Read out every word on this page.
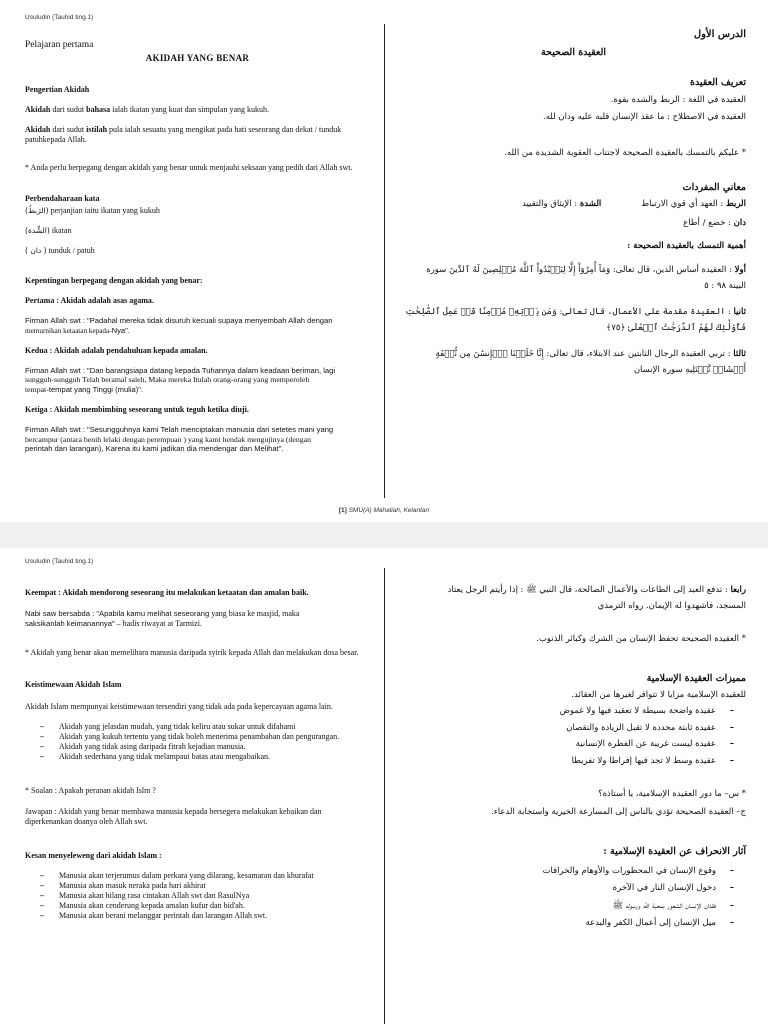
Usuludin (Tauhid ting.1)
Pelajaran pertama
AKIDAH YANG BENAR
Pengertian Akidah
Akidah dari sudut bahasa ialah ikatan yang kuat dan simpulan yang kukuh.
Akidah dari sudut istilah pula ialah sesuatu yang mengikat pada hati seseorang dan dekat / tunduk patuhkepada Allah.
* Anda perlu berpegang dengan akidah yang benar untuk menjauhi seksaan yang pedih dari Allah swt.
Perbendaharaan kata
(الرَبطُ) perjanjian iaitu ikatan yang kukuh
(الشِّدة) ikatan
( دان ) tunduk / patuh
Kepentingan berpegang dengan akidah yang benar:
Pertama : Akidah adalah asas agama.
Firman Allah swt : "Padahal mereka tidak disuruh kecuali supaya menyembah Allah dengan
memurnikan ketaatan kepada-Nya".
Kedua : Akidah adalah pendahuluan kepada amalan.
Firman Allah swt : "Dan barangsiapa datang kepada Tuhannya dalam keadaan beriman, lagi
sungguh-sungguh Telah beramal saleh, Maka mereka Itulah orang-orang yang memperoleh
tempat-tempat yang Tinggi (mulia)".
Ketiga : Akidah membimbing seseorang untuk teguh ketika diuji.
Firman Allah swt : "Sesungguhnya kami Telah menciptakan manusia dari setetes mani yang
bercampur (antara benih lelaki dengan perempuan ) yang kami hendak mengujinya (dengan
perintah dan larangan), Karena itu kami jadikan dia mendengar dan Melihat".
الدرس الأول
العقيدة الصحيحة
تعريف العقيدة
العقيدة في اللغة : الربط والشدة بقوة.
العقيدة في الاصطلاح : ما عقد الإنسان قلبه عليه ودان لله.
* عليكم بالتمسك بالعقيدة الصحيحة لاجتناب العقوبة الشديدة من الله.
معاني المفردات
الربط : العهد أي قوي الارتباطالشدة : الإيثاق والتقييد
دان : خضع / أطاع
أهمية التمسك بالعقيدة الصحيحة :
أولا : العقيدة أساس الدين، قال تعالى: وَمَآ أُمِرُوٓاْ إِلَّا لِيَعۡبُدُواْ ٱللَّهَ مُخۡلِصِينَ لَهُ ٱلدِّينَ سورة
البينة ٩٨ : ٥
ثانيا : العقيدة مقدمة على الأعمال، قال تعالى: وَمَن يَأۡتِهِۦ مُؤۡمِنٗا قَدۡ عَمِلَ ٱلصَّٰلِحَٰتِ
فَأُوْلَٰٓئِكَ لَهُمُ ٱلدَّرَجَٰتُ ٱلۡعُلَىٰ ﴿٧٥﴾
ثالثا : تربي العقيدة الرجال الثابتين عند الابتلاء، قال تعالى: إِنَّا خَلَقۡنَا ٱلۡإِنسَٰنَ مِن نُّطۡفَةٍ
أَمۡشَاجٖ نَّبۡتَلِيهِ سورة الإنسان
[1] SMU(A) Mahaliah, Kelantan
Usuludin (Tauhid ting.1)
Keempat : Akidah mendorong seseorang itu melakukan ketaatan dan amalan baik.
Nabi saw bersabda : "Apabila kamu melihat seseorang yang biasa ke masjid, maka
saksikanlah keimanannya" – hadis riwayat at Tarmizi.
* Akidah yang benar akan memelihara manusia daripada syirik kepada Allah dan melakukan dosa besar.
Keistimewaan Akidah Islam
Akidah Islam mempunyai keistimewaan tersendiri yang tidak ada pada kepercayaan agama lain.
– Akidah yang jelasdan mudah, yang tidak keliru atau sukar untuk difahami
– Akidah yang kukuh tertentu yang tidak boleh menerima penambahan dan pengurangan.
– Akidah yang tidak asing daripada fitrah kejadian manusia.
– Akidah sederhana yang tidak melampaui batas atau mengabaikan.
* Soalan : Apakah peranan akidah Islm ?
Jawapan : Akidah yang benar membawa manusia kepada bersegera melakukan kebaikan dan diperkenankan doanya oleh Allah swt.
Kesan menyeleweng dari akidah Islam :
– Manusia akan terjerumus dalam perkara yang dilarang, kesamaran dan khurafat
– Manusia akan masuk neraka pada hari akhirat
– Manusia akan hilang rasa cintakan Allah swt dan RasulNya
– Manusia akan cenderung kepada amalan kufur dan bid'ah.
– Manusia akan berani melanggar perintah dan larangan Allah swt.
رابعا : تدفع العبد إلى الطاعات والأعمال الصالحة، قال النبي ﷺ : إذا رأيتم الرجل يعتاد
المسجد، فاشهدوا له الإيمان. رواه الترمذي
* العقيدة الصحيحة تحفظ الإنسان من الشرك وكبائر الذنوب.
مميزات العقيدة الإسلامية
للعقيدة الإسلامية مزايا لا تتوافر لغيرها من العقائد.
– عقيدة واضحة بسيطة لا تعقيد فيها ولا غموض
– عقيدة ثابتة محددة لا تقبل الزيادة والنقصان
– عقيدة ليست غريبة عن الفطرة الإنسانية
– عقيدة وسط لا تجد فيها إفراطا ولا تفريطا
* س– ما دور العقيدة الإسلامية، يا أستاذة؟
ج– العقيدة الصحيحة تؤدي بالناس إلى المسارعة الخيرية واستجابة الدعاء.
آثار الانحراف عن العقيدة الإسلامية :
– وقوع الإنسان في المحظورات والأوهام والخرافات
– دخول الإنسان النار في الآخرة
– فقدان الإنسان الشعور بمحبة الله ورسوله ﷺ
– ميل الإنسان إلى أعمال الكفر والبدعة
